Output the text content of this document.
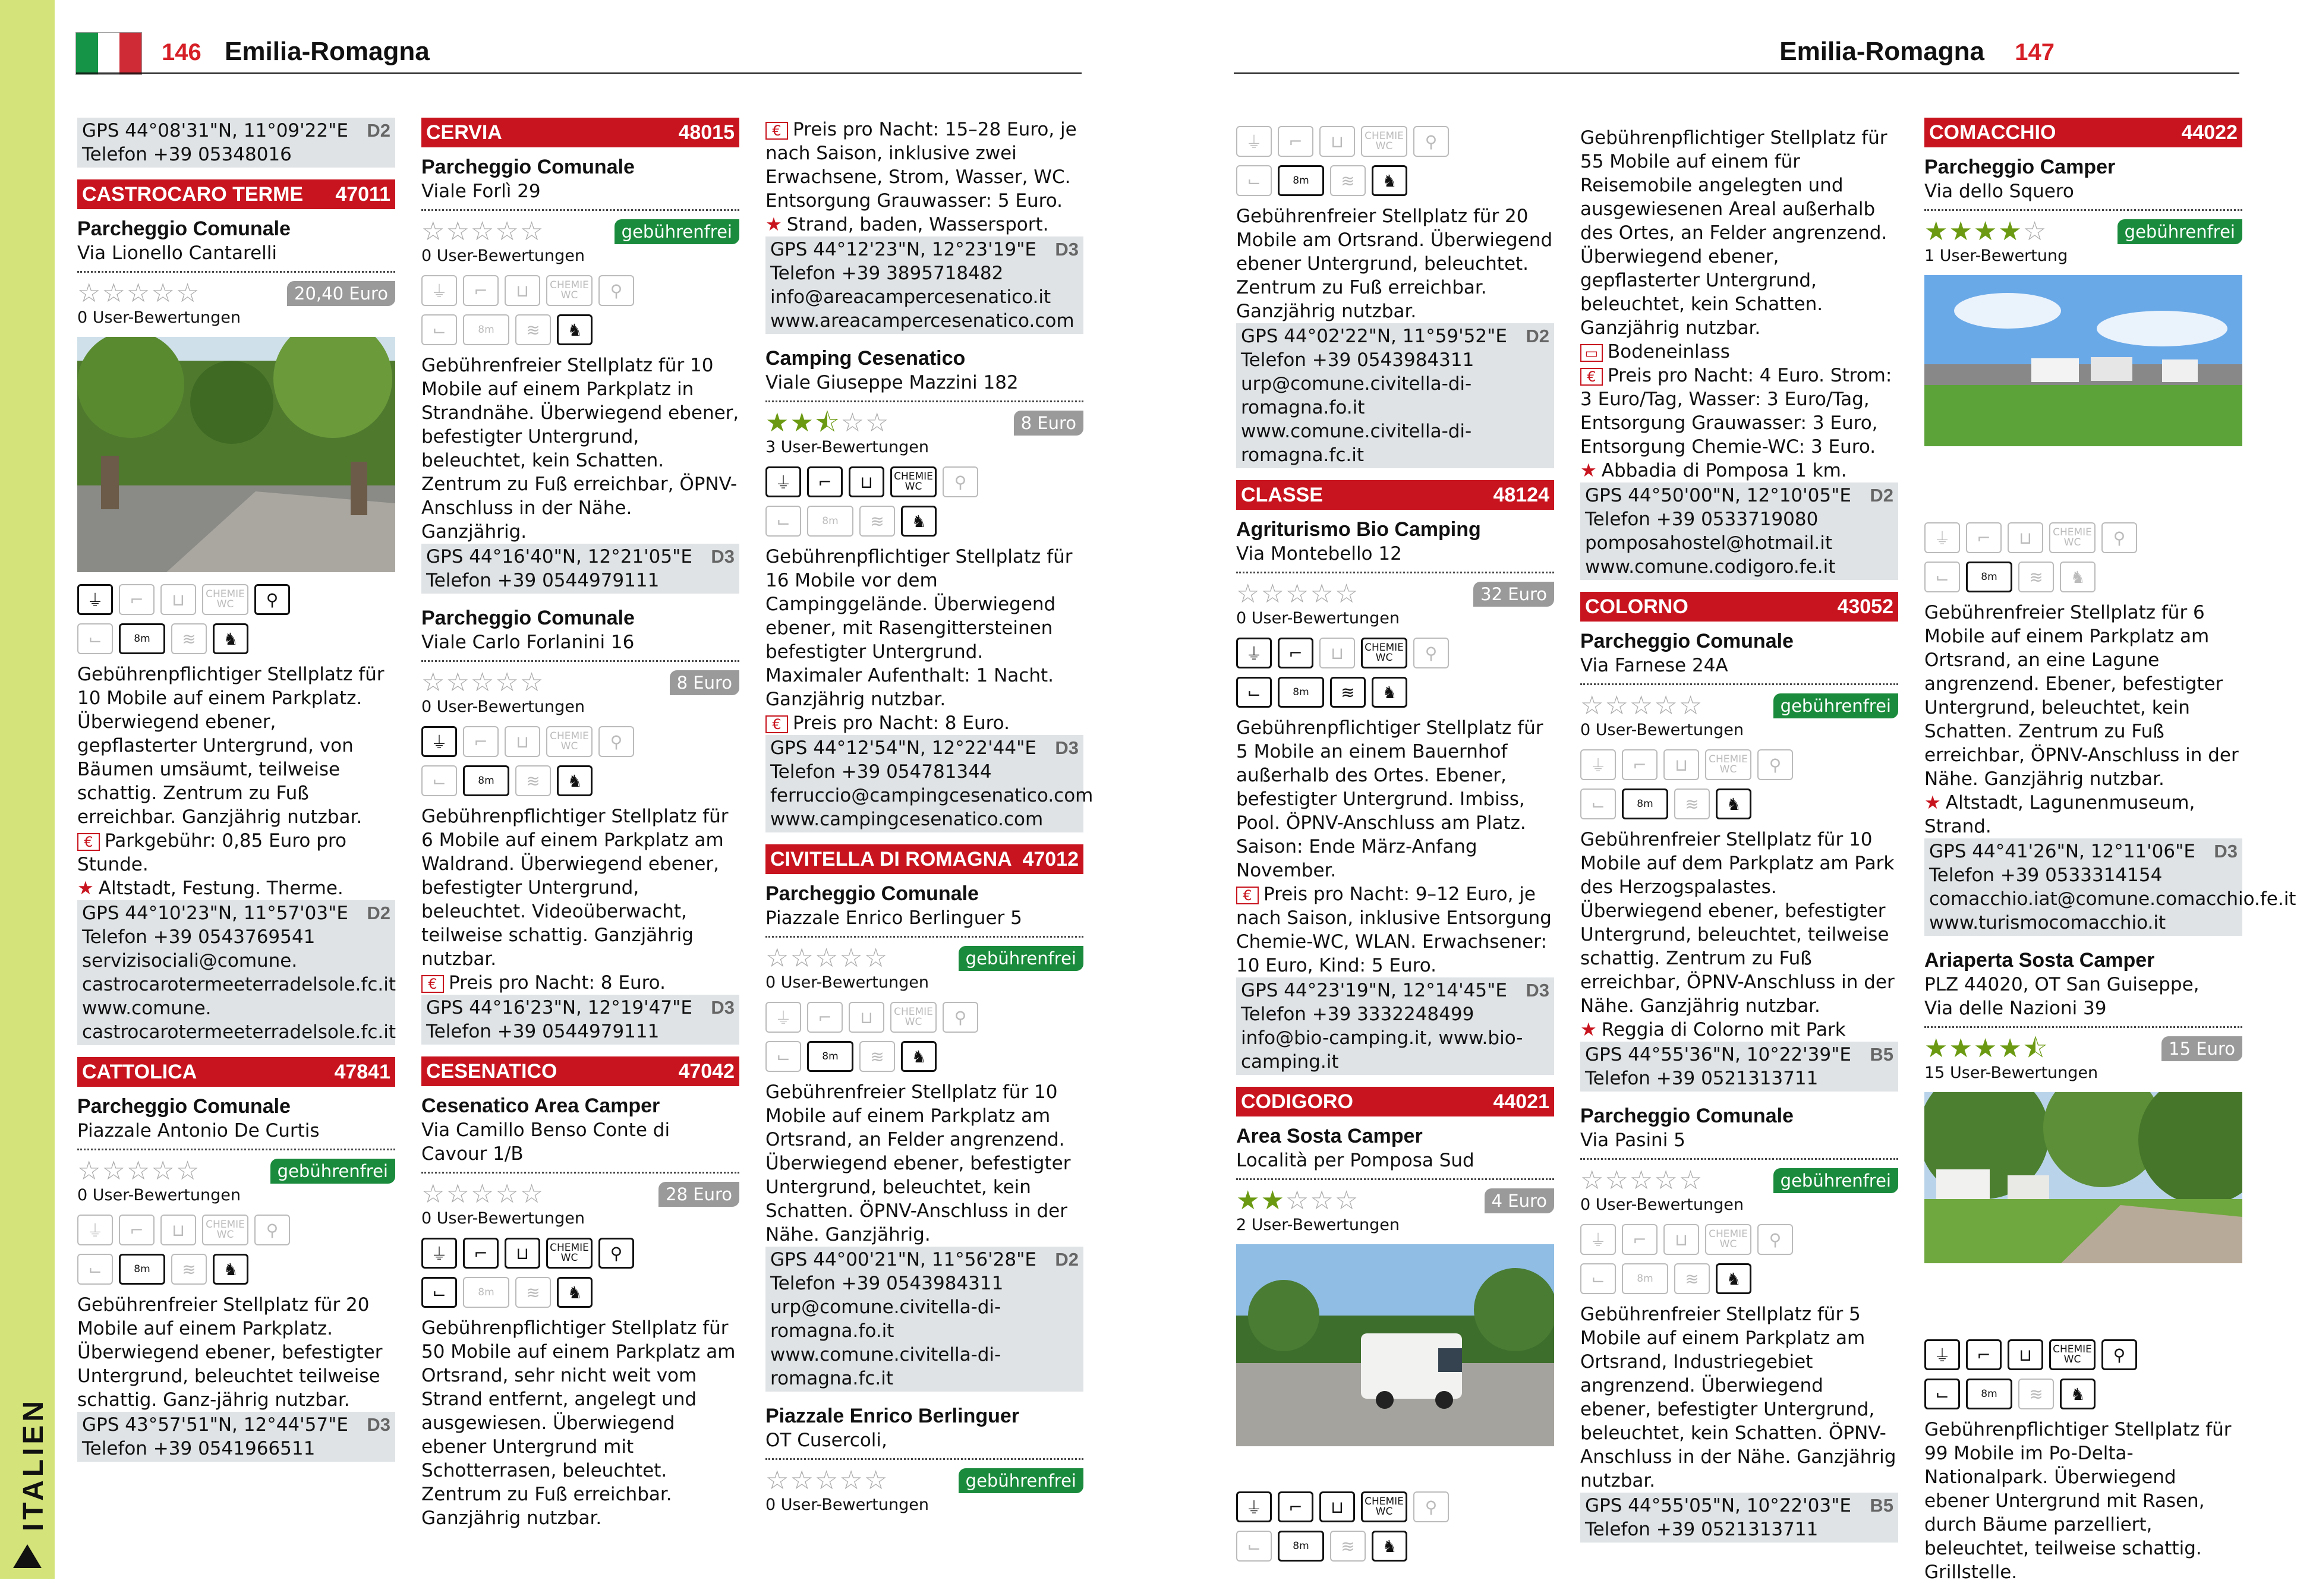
ITALIEN
146 Emilia-Romagna	Emilia-Romagna 147
GPS 44°08'31"N, 11°09'22"E D2
Telefon +39 05348016
CASTROCARO TERME 47011
Parcheggio Comunale
Via Lionello Cantarelli
☆☆☆☆☆	20,40 Euro
0 User-Bewertungen
⏚	⌐	⊔	CHEMIE WC	⚲
⌙	8m	≋	♞
Gebührenpflichtiger Stellplatz für 10 Mobile auf einem Parkplatz. Überwiegend ebener, gepflasterter Untergrund, von Bäumen umsäumt, teilweise schattig. Zentrum zu Fuß erreichbar. Ganzjährig nutzbar.
€ Parkgebühr: 0,85 Euro pro Stunde.
★ Altstadt, Festung. Therme.
GPS 44°10'23"N, 11°57'03"E D2
Telefon +39 0543769541
servizisociali@comune.
castrocarotermeeterradelsole.fc.it
www.comune.
castrocarotermeeterradelsole.fc.it
CATTOLICA	47841
Parcheggio Comunale
Piazzale Antonio De Curtis
☆☆☆☆☆	gebührenfrei
0 User-Bewertungen
⏚	⌐	⊔	CHEMIE WC	⚲
⌙	8m	≋	♞
Gebührenfreier Stellplatz für 20 Mobile auf einem Parkplatz. Überwiegend ebener, befestigter Untergrund, beleuchtet teilweise schattig. Ganz-jährig nutzbar.
GPS 43°57'51"N, 12°44'57"E D3
Telefon +39 0541966511
CERVIA	48015
Parcheggio Comunale
Viale Forlì 29
☆☆☆☆☆	gebührenfrei
0 User-Bewertungen
⏚	⌐	⊔	CHEMIE WC	⚲
⌙	8m	≋	♞
Gebührenfreier Stellplatz für 10 Mobile auf einem Parkplatz in Strandnähe. Überwiegend ebener, befestigter Untergrund, beleuchtet, kein Schatten. Zentrum zu Fuß erreichbar, ÖPNV-Anschluss in der Nähe. Ganzjährig.
GPS 44°16'40"N, 12°21'05"E D3
Telefon +39 0544979111
Parcheggio Comunale
Viale Carlo Forlanini 16
☆☆☆☆☆	8 Euro
0 User-Bewertungen
⏚	⌐	⊔	CHEMIE WC	⚲
⌙	8m	≋	♞
Gebührenpflichtiger Stellplatz für 6 Mobile auf einem Parkplatz am Waldrand. Überwiegend ebener, befestigter Untergrund, beleuchtet. Videoüberwacht, teilweise schattig. Ganzjährig nutzbar.
€ Preis pro Nacht: 8 Euro.
GPS 44°16'23"N, 12°19'47"E D3
Telefon +39 0544979111
CESENATICO	47042
Cesenatico Area Camper
Via Camillo Benso Conte di Cavour 1/B
☆☆☆☆☆	28 Euro
0 User-Bewertungen
⏚	⌐	⊔	CHEMIE WC	⚲
⌙	8m	≋	♞
Gebührenpflichtiger Stellplatz für 50 Mobile auf einem Parkplatz am Ortsrand, sehr nicht weit vom Strand entfernt, angelegt und ausgewiesen. Überwiegend ebener Untergrund mit Schotterrasen, beleuchtet. Zentrum zu Fuß erreichbar. Ganzjährig nutzbar.
€ Preis pro Nacht: 15–28 Euro, je nach Saison, inklusive zwei Erwachsene, Strom, Wasser, WC. Entsorgung Grauwasser: 5 Euro.
★ Strand, baden, Wassersport.
GPS 44°12'23"N, 12°23'19"E D3
Telefon +39 3895718482
info@areacampercesenatico.it
www.areacampercesenatico.com
Camping Cesenatico
Viale Giuseppe Mazzini 182
★★⯪☆☆	8 Euro
3 User-Bewertungen
⏚	⌐	⊔	CHEMIE WC	⚲
⌙	8m	≋	♞
Gebührenpflichtiger Stellplatz für 16 Mobile vor dem Campinggelände. Überwiegend ebener, mit Rasengittersteinen befestigter Untergrund. Maximaler Aufenthalt: 1 Nacht. Ganzjährig nutzbar.
€ Preis pro Nacht: 8 Euro.
GPS 44°12'54"N, 12°22'44"E D3
Telefon +39 054781344
ferruccio@campingcesenatico.com
www.campingcesenatico.com
CIVITELLA DI ROMAGNA 47012
Parcheggio Comunale
Piazzale Enrico Berlinguer 5
☆☆☆☆☆	gebührenfrei
0 User-Bewertungen
⏚	⌐	⊔	CHEMIE WC	⚲
⌙	8m	≋	♞
Gebührenfreier Stellplatz für 10 Mobile auf einem Parkplatz am Ortsrand, an Felder angrenzend. Überwiegend ebener, befestigter Untergrund, beleuchtet, kein Schatten. ÖPNV-Anschluss in der Nähe. Ganzjährig.
GPS 44°00'21"N, 11°56'28"E D2
Telefon +39 0543984311
urp@comune.civitella-di-romagna.fo.it
www.comune.civitella-di-romagna.fc.it
Piazzale Enrico Berlinguer
OT Cusercoli,
☆☆☆☆☆	gebührenfrei
0 User-Bewertungen
⏚	⌐	⊔	CHEMIE WC	⚲
⌙	8m	≋	♞
Gebührenfreier Stellplatz für 20 Mobile am Ortsrand. Überwiegend ebener Untergrund, beleuchtet. Zentrum zu Fuß erreichbar. Ganzjährig nutzbar.
GPS 44°02'22"N, 11°59'52"E D2
Telefon +39 0543984311
urp@comune.civitella-di-romagna.fo.it
www.comune.civitella-di-romagna.fc.it
CLASSE	48124
Agriturismo Bio Camping
Via Montebello 12
☆☆☆☆☆	32 Euro
0 User-Bewertungen
⏚	⌐	⊔	CHEMIE WC	⚲
⌙	8m	≋	♞
Gebührenpflichtiger Stellplatz für 5 Mobile an einem Bauernhof außerhalb des Ortes. Ebener, befestigter Untergrund. Imbiss, Pool. ÖPNV-Anschluss am Platz. Saison: Ende März-Anfang November.
€ Preis pro Nacht: 9–12 Euro, je nach Saison, inklusive Entsorgung Chemie-WC, WLAN. Erwachsener: 10 Euro, Kind: 5 Euro.
GPS 44°23'19"N, 12°14'45"E D3
Telefon +39 3332248499
info@bio-camping.it, www.bio-camping.it
CODIGORO	44021
Area Sosta Camper
Località per Pomposa Sud
★★☆☆☆	4 Euro
2 User-Bewertungen
⏚	⌐	⊔	CHEMIE WC	⚲
⌙	8m	≋	♞
Gebührenpflichtiger Stellplatz für 55 Mobile auf einem für Reisemobile angelegten und ausgewiesenen Areal außerhalb des Ortes, an Felder angrenzend. Überwiegend ebener, gepflasterter Untergrund, beleuchtet, kein Schatten. Ganzjährig nutzbar.
▭ Bodeneinlass
€ Preis pro Nacht: 4 Euro. Strom: 3 Euro/Tag, Wasser: 3 Euro/Tag, Entsorgung Grauwasser: 3 Euro, Entsorgung Chemie-WC: 3 Euro.
★ Abbadia di Pomposa 1 km.
GPS 44°50'00"N, 12°10'05"E D2
Telefon +39 0533719080
pomposahostel@hotmail.it
www.comune.codigoro.fe.it
COLORNO	43052
Parcheggio Comunale
Via Farnese 24A
☆☆☆☆☆	gebührenfrei
0 User-Bewertungen
⏚	⌐	⊔	CHEMIE WC	⚲
⌙	8m	≋	♞
Gebührenfreier Stellplatz für 10 Mobile auf dem Parkplatz am Park des Herzogspalastes. Überwiegend ebener, befestigter Untergrund, beleuchtet, teilweise schattig. Zentrum zu Fuß erreichbar, ÖPNV-Anschluss in der Nähe. Ganzjährig nutzbar.
★ Reggia di Colorno mit Park
GPS 44°55'36"N, 10°22'39"E B5
Telefon +39 0521313711
Parcheggio Comunale
Via Pasini 5
☆☆☆☆☆	gebührenfrei
0 User-Bewertungen
⏚	⌐	⊔	CHEMIE WC	⚲
⌙	8m	≋	♞
Gebührenfreier Stellplatz für 5 Mobile auf einem Parkplatz am Ortsrand, Industriegebiet angrenzend. Überwiegend ebener, befestigter Untergrund, beleuchtet, kein Schatten. ÖPNV-Anschluss in der Nähe. Ganzjährig nutzbar.
GPS 44°55'05"N, 10°22'03"E B5
Telefon +39 0521313711
COMACCHIO	44022
Parcheggio Camper
Via dello Squero
★★★★☆	gebührenfrei
1 User-Bewertung
⏚	⌐	⊔	CHEMIE WC	⚲
⌙	8m	≋	♞
Gebührenfreier Stellplatz für 6 Mobile auf einem Parkplatz am Ortsrand, an eine Lagune angrenzend. Ebener, befestigter Untergrund, beleuchtet, kein Schatten. Zentrum zu Fuß erreichbar, ÖPNV-Anschluss in der Nähe. Ganzjährig nutzbar.
★ Altstadt, Lagunenmuseum, Strand.
GPS 44°41'26"N, 12°11'06"E D3
Telefon +39 0533314154
comacchio.iat@comune.comacchio.fe.it
www.turismocomacchio.it
Ariaperta Sosta Camper
PLZ 44020, OT San Guiseppe,
Via delle Nazioni 39
★★★★⯪	15 Euro
15 User-Bewertungen
⏚	⌐	⊔	CHEMIE WC	⚲
⌙	8m	≋	♞
Gebührenpflichtiger Stellplatz für 99 Mobile im Po-Delta-Nationalpark. Überwiegend ebener Untergrund mit Rasen, durch Bäume parzelliert, beleuchtet, teilweise schattig. Grillstelle.
